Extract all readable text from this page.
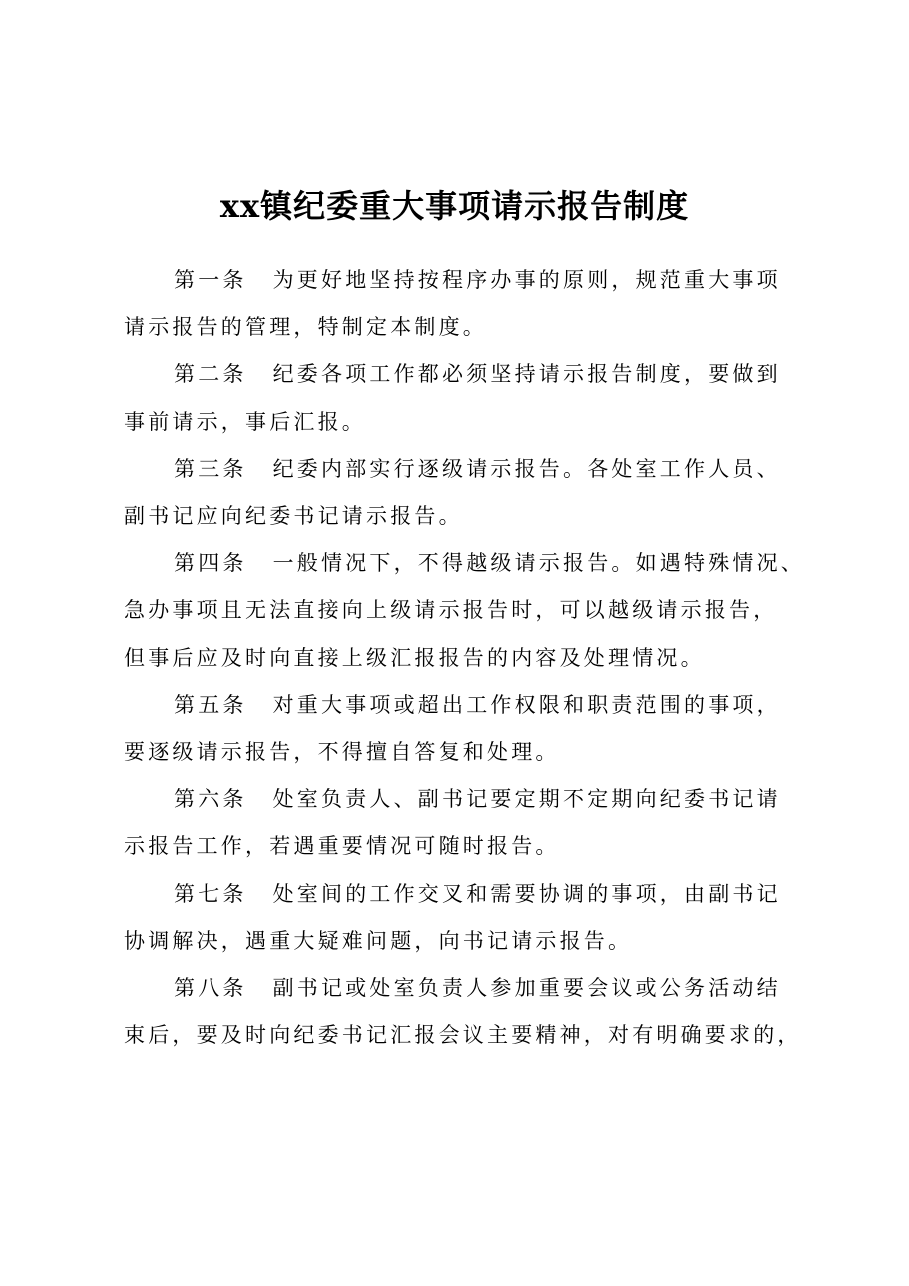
xx镇纪委重大事项请示报告制度

第一条 为更好地坚持按程序办事的原则，规范重大事项
请示报告的管理，特制定本制度。

第二条 纪委各项工作都必须坚持请示报告制度，要做到
事前请示，事后汇报。

第三条 纪委内部实行逐级请示报告。各处室工作人员、
副书记应向纪委书记请示报告。

第四条 一般情况下，不得越级请示报告。如遇特殊情况、
急办事项且无法直接向上级请示报告时，可以越级请示报告，
但事后应及时向直接上级汇报报告的内容及处理情况。

第五条 对重大事项或超出工作权限和职责范围的事项，
要逐级请示报告，不得擅自答复和处理。

第六条 处室负责人、副书记要定期不定期向纪委书记请
示报告工作，若遇重要情况可随时报告。

第七条 处室间的工作交叉和需要协调的事项，由副书记
协调解决，遇重大疑难问题，向书记请示报告。

第八条 副书记或处室负责人参加重要会议或公务活动结
束后，要及时向纪委书记汇报会议主要精神，对有明确要求的，
